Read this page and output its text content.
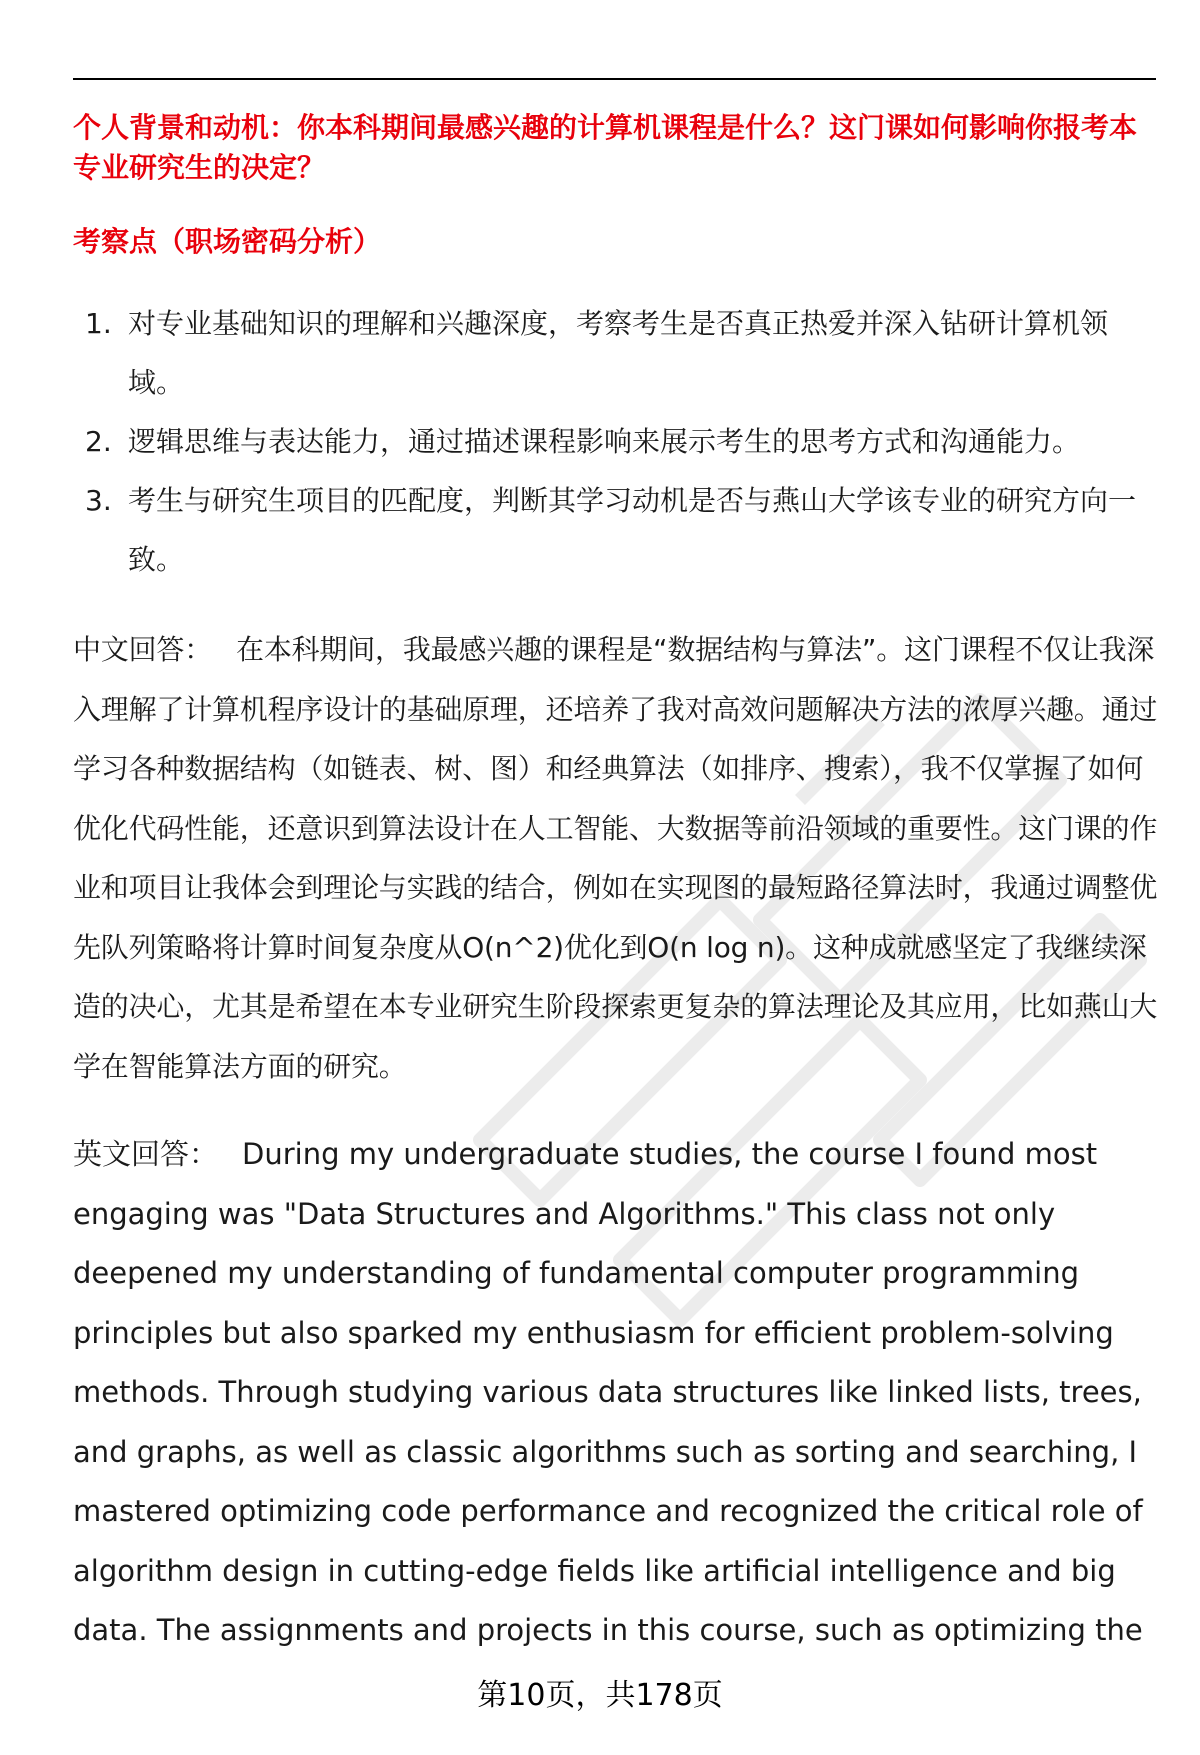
个人背景和动机：你本科期间最感兴趣的计算机课程是什么？这门课如何影响你报考本专业研究生的决定？
考察点（职场密码分析）
1. 对专业基础知识的理解和兴趣深度，考察考生是否真正热爱并深入钻研计算机领域。
2. 逻辑思维与表达能力，通过描述课程影响来展示考生的思考方式和沟通能力。
3. 考生与研究生项目的匹配度，判断其学习动机是否与燕山大学该专业的研究方向一致。

中文回答： 在本科期间，我最感兴趣的课程是“数据结构与算法”。这门课程不仅让我深入理解了计算机程序设计的基础原理，还培养了我对高效问题解决方法的浓厚兴趣。通过学习各种数据结构（如链表、树、图）和经典算法（如排序、搜索），我不仅掌握了如何优化代码性能，还意识到算法设计在人工智能、大数据等前沿领域的重要性。这门课的作业和项目让我体会到理论与实践的结合，例如在实现图的最短路径算法时，我通过调整优先队列策略将计算时间复杂度从O(n^2)优化到O(n log n)。这种成就感坚定了我继续深造的决心，尤其是希望在本专业研究生阶段探索更复杂的算法理论及其应用，比如燕山大学在智能算法方面的研究。

英文回答： During my undergraduate studies, the course I found most engaging was "Data Structures and Algorithms." This class not only deepened my understanding of fundamental computer programming principles but also sparked my enthusiasm for efficient problem-solving methods. Through studying various data structures like linked lists, trees, and graphs, as well as classic algorithms such as sorting and searching, I mastered optimizing code performance and recognized the critical role of algorithm design in cutting-edge fields like artificial intelligence and big data. The assignments and projects in this course, such as optimizing the

第10页，共178页
